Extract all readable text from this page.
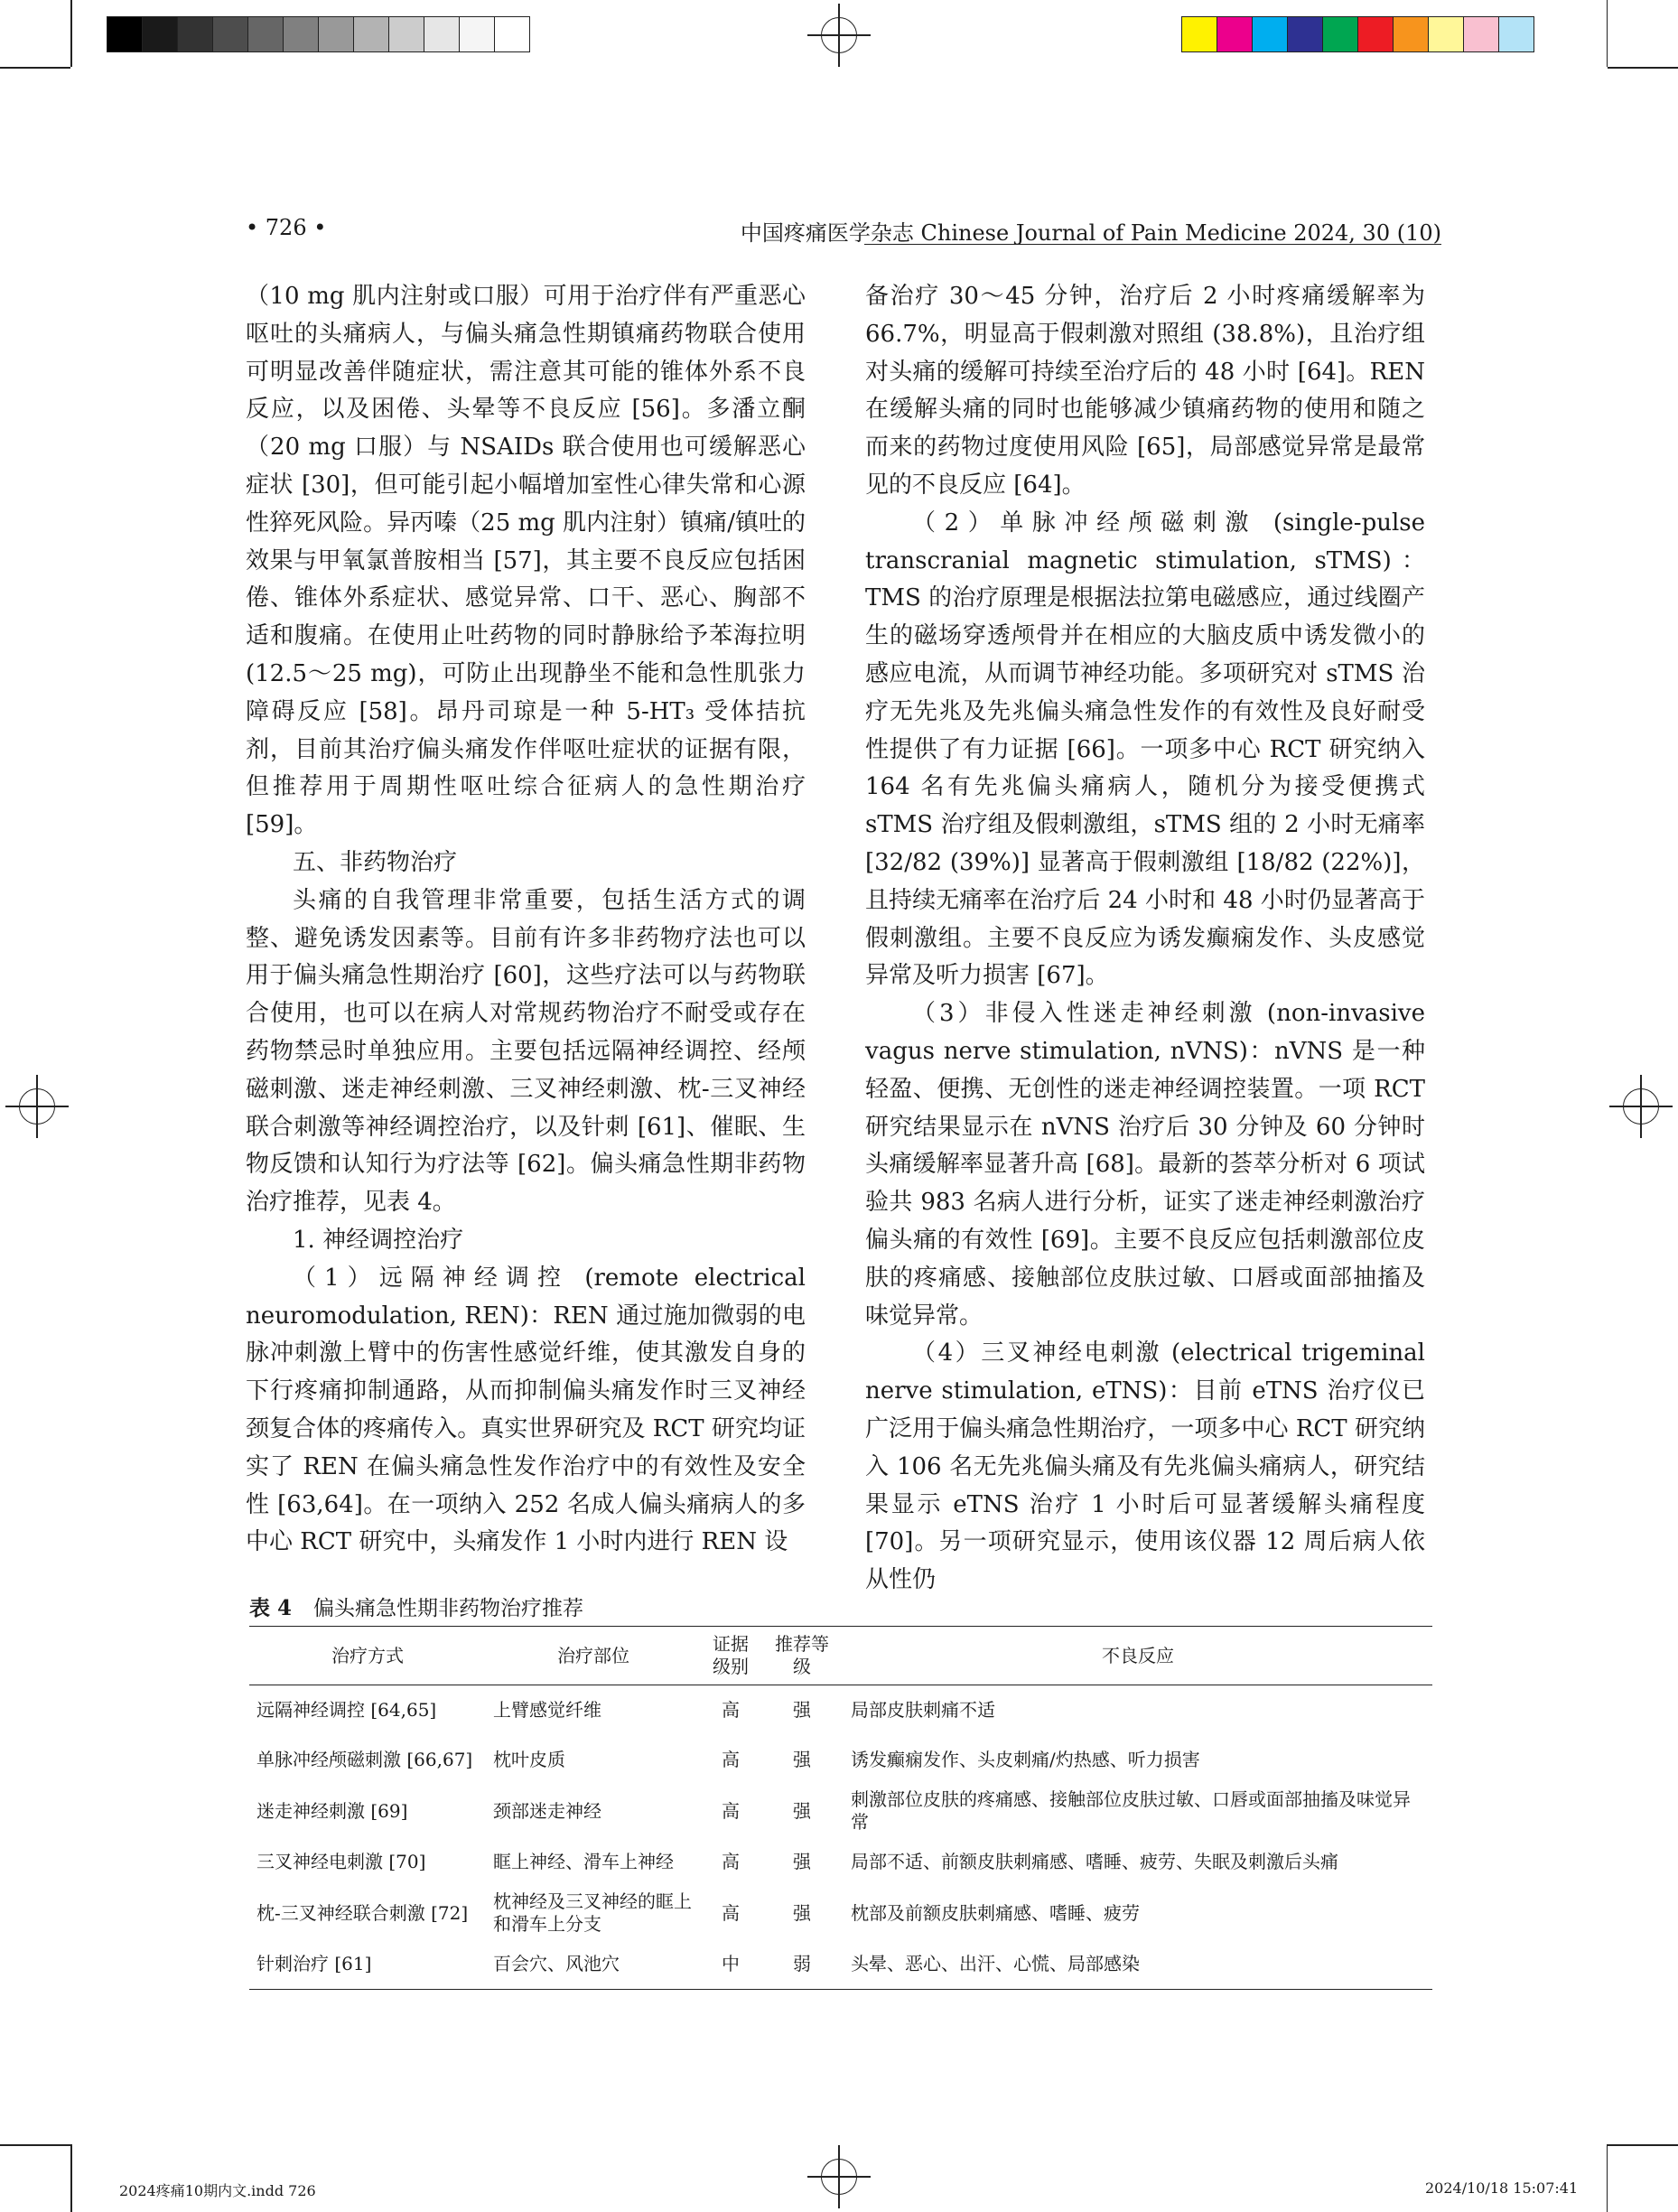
• 726 •	中国疼痛医学杂志 Chinese Journal of Pain Medicine 2024, 30 (10)

（10 mg 肌内注射或口服）可用于治疗伴有严重恶心呕吐的头痛病人，与偏头痛急性期镇痛药物联合使用可明显改善伴随症状，需注意其可能的锥体外系不良反应，以及困倦、头晕等不良反应 [56]。多潘立酮（20 mg 口服）与 NSAIDs 联合使用也可缓解恶心症状 [30]，但可能引起小幅增加室性心律失常和心源性猝死风险。异丙嗪（25 mg 肌内注射）镇痛/镇吐的效果与甲氧氯普胺相当 [57]，其主要不良反应包括困倦、锥体外系症状、感觉异常、口干、恶心、胸部不适和腹痛。在使用止吐药物的同时静脉给予苯海拉明 (12.5～25 mg)，可防止出现静坐不能和急性肌张力障碍反应 [58]。昂丹司琼是一种 5-HT₃ 受体拮抗剂，目前其治疗偏头痛发作伴呕吐症状的证据有限，但推荐用于周期性呕吐综合征病人的急性期治疗 [59]。

五、非药物治疗

头痛的自我管理非常重要，包括生活方式的调整、避免诱发因素等。目前有许多非药物疗法也可以用于偏头痛急性期治疗 [60]，这些疗法可以与药物联合使用，也可以在病人对常规药物治疗不耐受或存在药物禁忌时单独应用。主要包括远隔神经调控、经颅磁刺激、迷走神经刺激、三叉神经刺激、枕-三叉神经联合刺激等神经调控治疗，以及针刺 [61]、催眠、生物反馈和认知行为疗法等 [62]。偏头痛急性期非药物治疗推荐，见表 4。

1. 神经调控治疗

（1）远隔神经调控 (remote electrical neuromodulation, REN)：REN 通过施加微弱的电脉冲刺激上臂中的伤害性感觉纤维，使其激发自身的下行疼痛抑制通路，从而抑制偏头痛发作时三叉神经颈复合体的疼痛传入。真实世界研究及 RCT 研究均证实了 REN 在偏头痛急性发作治疗中的有效性及安全性 [63,64]。在一项纳入 252 名成人偏头痛病人的多中心 RCT 研究中，头痛发作 1 小时内进行 REN 设

备治疗 30～45 分钟，治疗后 2 小时疼痛缓解率为 66.7%，明显高于假刺激对照组 (38.8%)，且治疗组对头痛的缓解可持续至治疗后的 48 小时 [64]。REN 在缓解头痛的同时也能够减少镇痛药物的使用和随之而来的药物过度使用风险 [65]，局部感觉异常是最常见的不良反应 [64]。

（2）单脉冲经颅磁刺激 (single-pulse transcranial magnetic stimulation, sTMS)：TMS 的治疗原理是根据法拉第电磁感应，通过线圈产生的磁场穿透颅骨并在相应的大脑皮质中诱发微小的感应电流，从而调节神经功能。多项研究对 sTMS 治疗无先兆及先兆偏头痛急性发作的有效性及良好耐受性提供了有力证据 [66]。一项多中心 RCT 研究纳入 164 名有先兆偏头痛病人，随机分为接受便携式 sTMS 治疗组及假刺激组，sTMS 组的 2 小时无痛率 [32/82 (39%)] 显著高于假刺激组 [18/82 (22%)]，且持续无痛率在治疗后 24 小时和 48 小时仍显著高于假刺激组。主要不良反应为诱发癫痫发作、头皮感觉异常及听力损害 [67]。

（3）非侵入性迷走神经刺激 (non-invasive vagus nerve stimulation, nVNS)：nVNS 是一种轻盈、便携、无创性的迷走神经调控装置。一项 RCT 研究结果显示在 nVNS 治疗后 30 分钟及 60 分钟时头痛缓解率显著升高 [68]。最新的荟萃分析对 6 项试验共 983 名病人进行分析，证实了迷走神经刺激治疗偏头痛的有效性 [69]。主要不良反应包括刺激部位皮肤的疼痛感、接触部位皮肤过敏、口唇或面部抽搐及味觉异常。

（4）三叉神经电刺激 (electrical trigeminal nerve stimulation, eTNS)：目前 eTNS 治疗仪已广泛用于偏头痛急性期治疗，一项多中心 RCT 研究纳入 106 名无先兆偏头痛及有先兆偏头痛病人，研究结果显示 eTNS 治疗 1 小时后可显著缓解头痛程度 [70]。另一项研究显示，使用该仪器 12 周后病人依从性仍

表 4 偏头痛急性期非药物治疗推荐
治疗方式	治疗部位	证据级别	推荐等级	不良反应
远隔神经调控 [64,65]	上臂感觉纤维	高	强	局部皮肤刺痛不适
单脉冲经颅磁刺激 [66,67]	枕叶皮质	高	强	诱发癫痫发作、头皮刺痛/灼热感、听力损害
迷走神经刺激 [69]	颈部迷走神经	高	强	刺激部位皮肤的疼痛感、接触部位皮肤过敏、口唇或面部抽搐及味觉异常
三叉神经电刺激 [70]	眶上神经、滑车上神经	高	强	局部不适、前额皮肤刺痛感、嗜睡、疲劳、失眠及刺激后头痛
枕-三叉神经联合刺激 [72]	枕神经及三叉神经的眶上和滑车上分支	高	强	枕部及前额皮肤刺痛感、嗜睡、疲劳
针刺治疗 [61]	百会穴、风池穴	中	弱	头晕、恶心、出汗、心慌、局部感染
2024疼痛10期内文.indd 726	2024/10/18 15:07:41
